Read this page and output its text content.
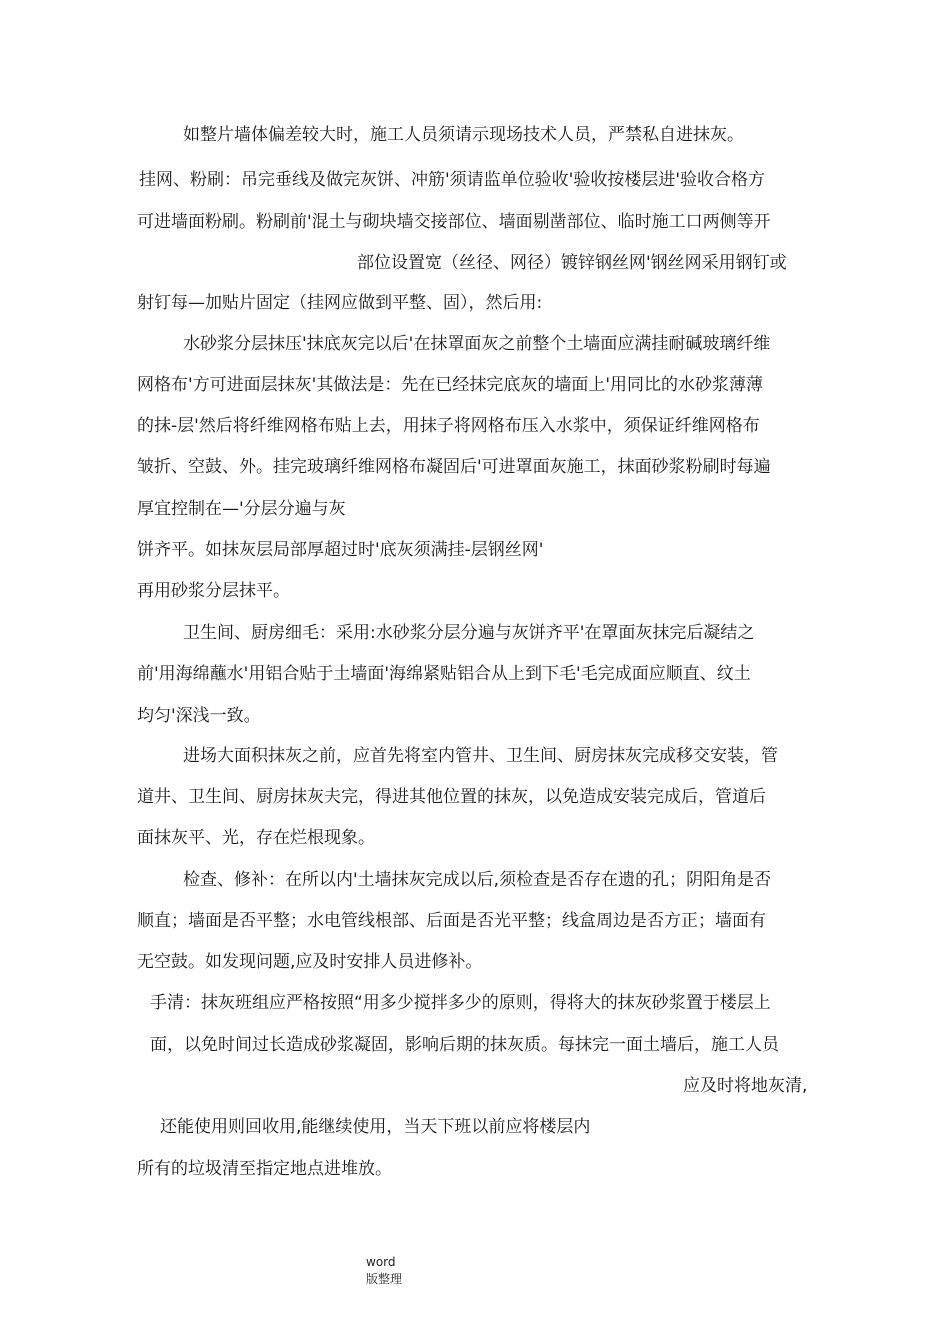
如整片墙体偏差较大时，施工人员须请示现场技术人员，严禁私自进抹灰。
挂网、粉刷：吊完垂线及做完灰饼、冲筋'须请监单位验收'验收按楼层进'验收合格方
可进墙面粉刷。粉刷前'混土与砌块墙交接部位、墙面剔凿部位、临时施工口两侧等开
部位设置宽（丝径、网径）镀锌钢丝网'钢丝网采用钢钉或
射钉每—加贴片固定（挂网应做到平整、固），然后用:
水砂浆分层抹压'抹底灰完以后'在抹罩面灰之前整个土墙面应满挂耐碱玻璃纤维
网格布'方可进面层抹灰'其做法是：先在已经抹完底灰的墙面上'用同比的水砂浆薄薄
的抹-层'然后将纤维网格布贴上去，用抹子将网格布压入水浆中，须保证纤维网格布
皱折、空鼓、外。挂完玻璃纤维网格布凝固后'可进罩面灰施工，抹面砂浆粉刷时每遍
厚宜控制在—'分层分遍与灰
饼齐平。如抹灰层局部厚超过时'底灰须满挂-层钢丝网'
再用砂浆分层抹平。
卫生间、厨房细毛：采用:水砂浆分层分遍与灰饼齐平'在罩面灰抹完后凝结之
前'用海绵蘸水'用铝合贴于土墙面'海绵紧贴铝合从上到下毛'毛完成面应顺直、纹土
均匀'深浅一致。
进场大面积抹灰之前，应首先将室内管井、卫生间、厨房抹灰完成移交安装，管
道井、卫生间、厨房抹灰夫完，得进其他位置的抹灰，以免造成安装完成后，管道后
面抹灰平、光，存在烂根现象。
检查、修补：在所以内'土墙抹灰完成以后,须检查是否存在遗的孔；阴阳角是否
顺直；墙面是否平整；水电管线根部、后面是否光平整；线盒周边是否方正；墙面有
无空鼓。如发现问题,应及时安排人员进修补。
手清：抹灰班组应严格按照“用多少搅拌多少的原则，得将大的抹灰砂浆置于楼层上
面，以免时间过长造成砂浆凝固，影响后期的抹灰质。每抹完一面土墙后，施工人员
应及时将地灰清,
还能使用则回收用,能继续使用，当天下班以前应将楼层内
所有的垃圾清至指定地点进堆放。
word
版整理
